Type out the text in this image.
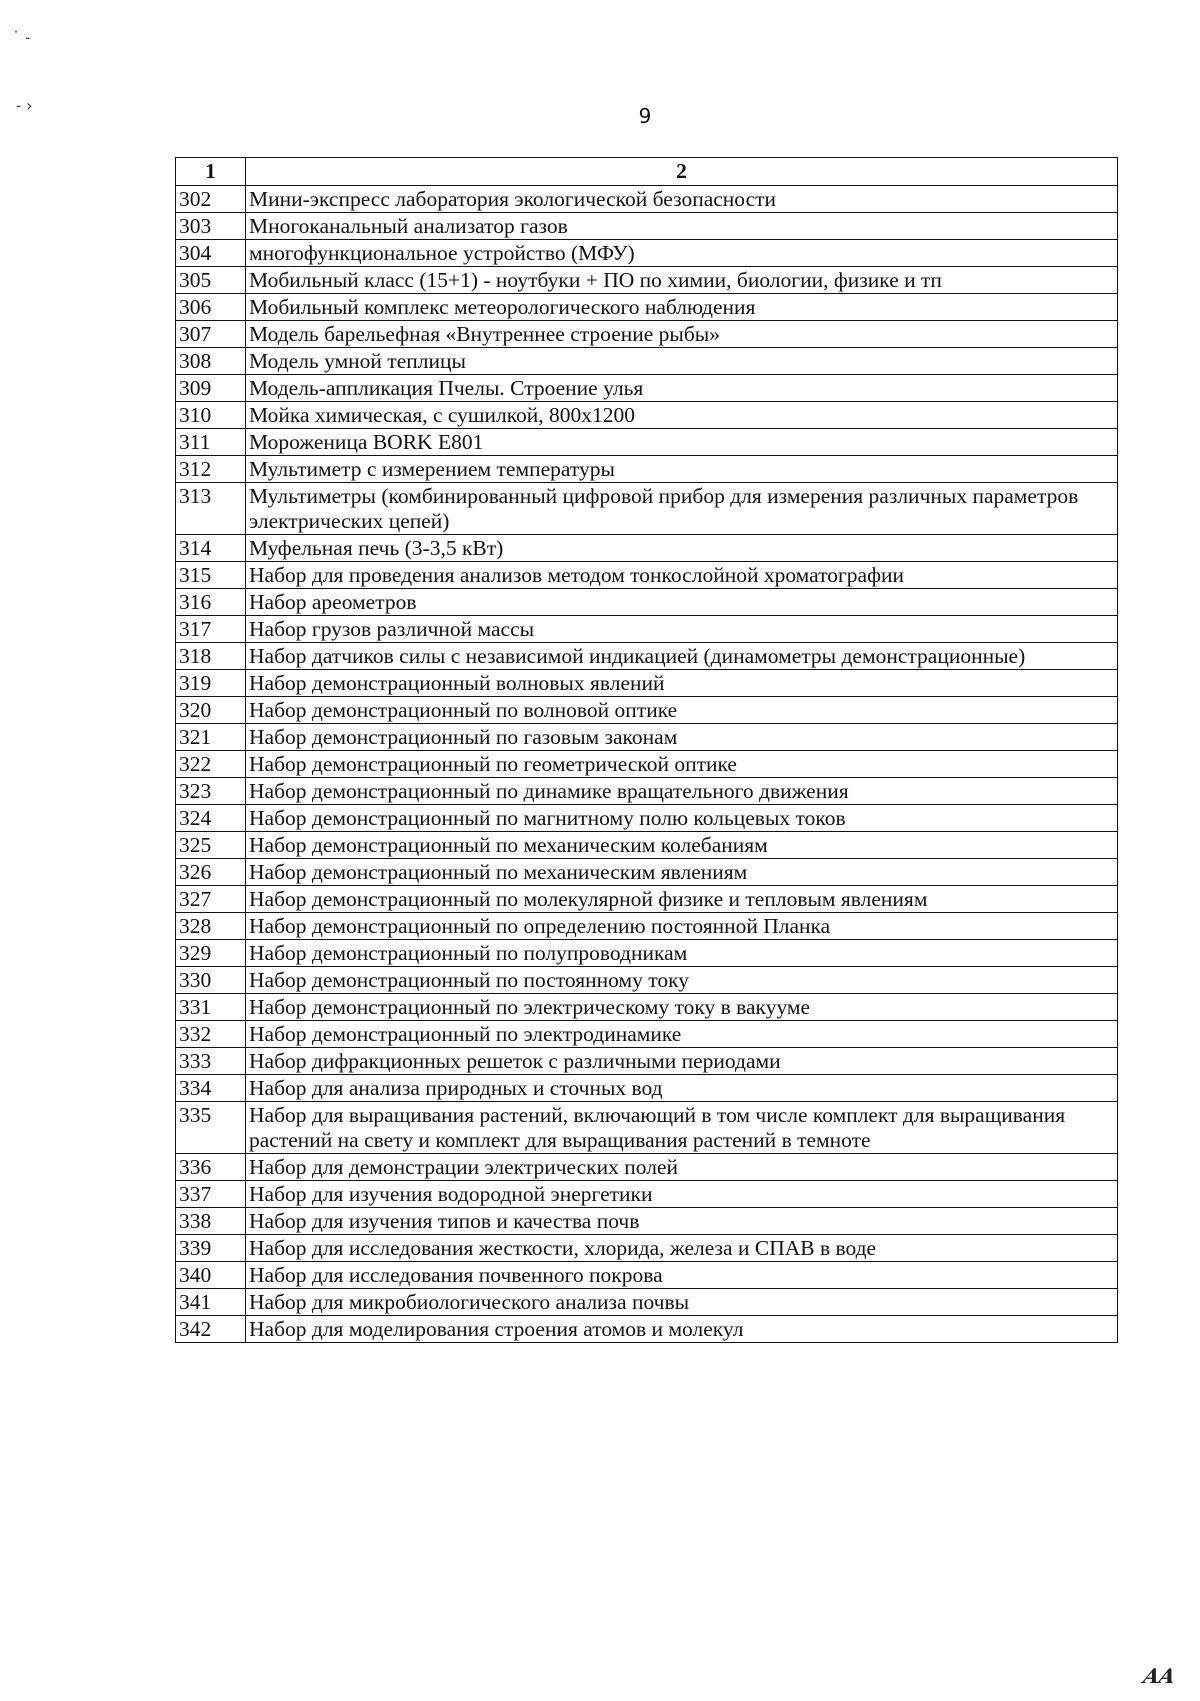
˙ ˗
˗ ›	9
1	2
302	Мини-экспресс лаборатория экологической безопасности
303	Многоканальный анализатор газов
304	многофункциональное устройство (МФУ)
305	Мобильный класс (15+1) - ноутбуки + ПО по химии, биологии, физике и тп
306	Мобильный комплекс метеорологического наблюдения
307	Модель барельефная «Внутреннее строение рыбы»
308	Модель умной теплицы
309	Модель-аппликация Пчелы. Строение улья
310	Мойка химическая, с сушилкой, 800х1200
311	Мороженица BORK E801
312	Мультиметр с измерением температуры
313	Мультиметры (комбинированный цифровой прибор для измерения различных параметров электрических цепей)
314	Муфельная печь (3-3,5 кВт)
315	Набор для проведения анализов методом тонкослойной хроматографии
316	Набор ареометров
317	Набор грузов различной массы
318	Набор датчиков силы с независимой индикацией (динамометры демонстрационные)
319	Набор демонстрационный волновых явлений
320	Набор демонстрационный по волновой оптике
321	Набор демонстрационный по газовым законам
322	Набор демонстрационный по геометрической оптике
323	Набор демонстрационный по динамике вращательного движения
324	Набор демонстрационный по магнитному полю кольцевых токов
325	Набор демонстрационный по механическим колебаниям
326	Набор демонстрационный по механическим явлениям
327	Набор демонстрационный по молекулярной физике и тепловым явлениям
328	Набор демонстрационный по определению постоянной Планка
329	Набор демонстрационный по полупроводникам
330	Набор демонстрационный по постоянному току
331	Набор демонстрационный по электрическому току в вакууме
332	Набор демонстрационный по электродинамике
333	Набор дифракционных решеток с различными периодами
334	Набор для анализа природных и сточных вод
335	Набор для выращивания растений, включающий в том числе комплект для выращивания растений на свету и комплект для выращивания растений в темноте
336	Набор для демонстрации электрических полей
337	Набор для изучения водородной энергетики
338	Набор для изучения типов и качества почв
339	Набор для исследования жесткости, хлорида, железа и СПАВ в воде
340	Набор для исследования почвенного покрова
341	Набор для микробиологического анализа почвы
342	Набор для моделирования строения атомов и молекул
AA
